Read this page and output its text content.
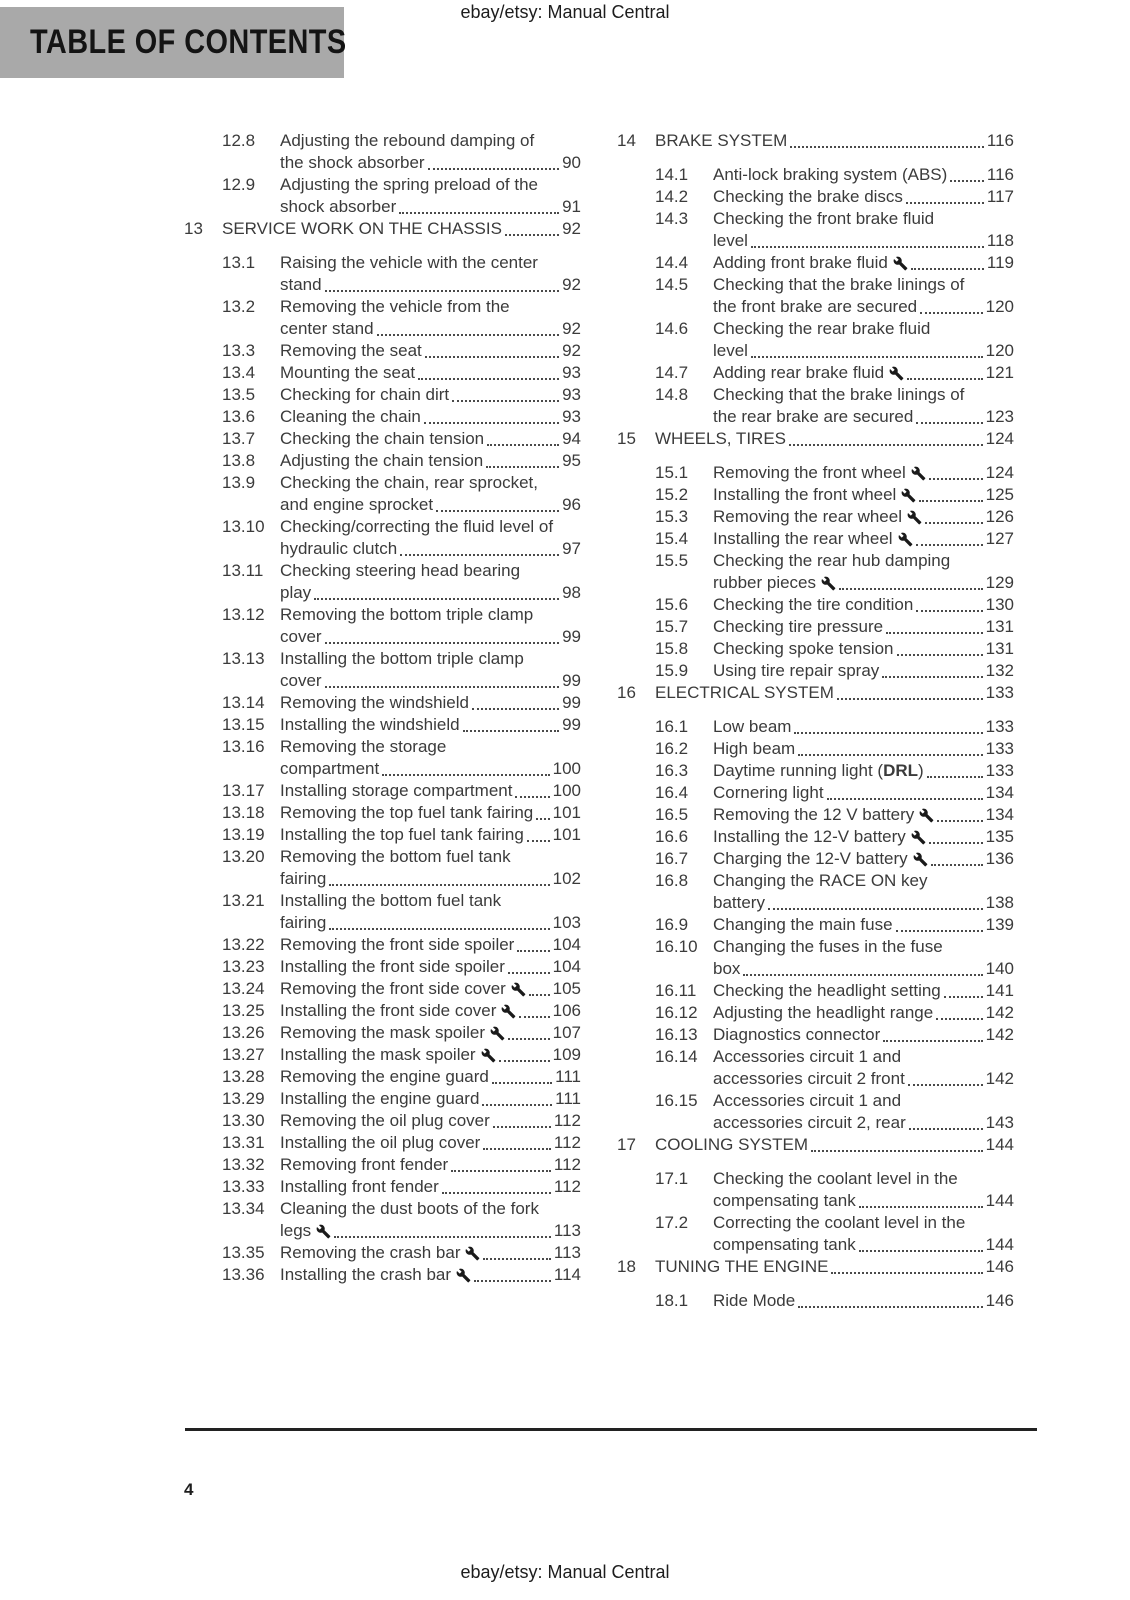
ebay/etsy: Manual Central
TABLE OF CONTENTS
12.8	Adjusting the rebound damping of
the shock absorber	90
12.9	Adjusting the spring preload of the
shock absorber	91
13	SERVICE WORK ON THE CHASSIS	92
13.1	Raising the vehicle with the center
stand	92
13.2	Removing the vehicle from the
center stand	92
13.3	Removing the seat	92
13.4	Mounting the seat	93
13.5	Checking for chain dirt	93
13.6	Cleaning the chain	93
13.7	Checking the chain tension	94
13.8	Adjusting the chain tension	95
13.9	Checking the chain, rear sprocket,
and engine sprocket	96
13.10 Checking/correcting the fluid level of
hydraulic clutch	97
13.11 Checking steering head bearing
play	98
13.12 Removing the bottom triple clamp
cover	99
13.13 Installing the bottom triple clamp
cover	99
13.14 Removing the windshield	99
13.15 Installing the windshield	99
13.16 Removing the storage
compartment	100
13.17 Installing storage compartment 100
13.18 Removing the top fuel tank fairing 101
13.19 Installing the top fuel tank fairing 101
13.20 Removing the bottom fuel tank
fairing	102
13.21 Installing the bottom fuel tank
fairing	103
13.22 Removing the front side spoiler 104
13.23 Installing the front side spoiler	104
13.24 Removing the front side cover	105
13.25 Installing the front side cover	106
13.26 Removing the mask spoiler	107
13.27 Installing the mask spoiler	109
13.28 Removing the engine guard	111
13.29 Installing the engine guard	111
13.30 Removing the oil plug cover	112
13.31 Installing the oil plug cover	112
13.32 Removing front fender	112
13.33 Installing front fender	112
13.34 Cleaning the dust boots of the fork
legs	113
13.35 Removing the crash bar	113
13.36 Installing the crash bar	114
14	BRAKE SYSTEM	116
14.1	Anti-lock braking system (ABS) 116
14.2	Checking the brake discs	117
14.3	Checking the front brake fluid
level	118
14.4	Adding front brake fluid	119
14.5	Checking that the brake linings of
the front brake are secured	120
14.6	Checking the rear brake fluid
level	120
14.7	Adding rear brake fluid	121
14.8	Checking that the brake linings of
the rear brake are secured	123
15	WHEELS, TIRES	124
15.1	Removing the front wheel	124
15.2	Installing the front wheel	125
15.3	Removing the rear wheel	126
15.4	Installing the rear wheel	127
15.5	Checking the rear hub damping
rubber pieces	129
15.6	Checking the tire condition	130
15.7	Checking tire pressure	131
15.8	Checking spoke tension	131
15.9	Using tire repair spray	132
16	ELECTRICAL SYSTEM	133
16.1	Low beam	133
16.2	High beam	133
16.3	Daytime running light (DRL)	133
16.4	Cornering light	134
16.5	Removing the 12 V battery	134
16.6	Installing the 12-V battery	135
16.7	Charging the 12-V battery	136
16.8	Changing the RACE ON key
battery	138
16.9	Changing the main fuse	139
16.10 Changing the fuses in the fuse
box	140
16.11 Checking the headlight setting	141
16.12 Adjusting the headlight range	142
16.13 Diagnostics connector	142
16.14 Accessories circuit 1 and
accessories circuit 2 front	142
16.15 Accessories circuit 1 and
accessories circuit 2, rear	143
17	COOLING SYSTEM	144
17.1	Checking the coolant level in the
compensating tank	144
17.2	Correcting the coolant level in the
compensating tank	144
18	TUNING THE ENGINE	146
18.1	Ride Mode	146
4
ebay/etsy: Manual Central
